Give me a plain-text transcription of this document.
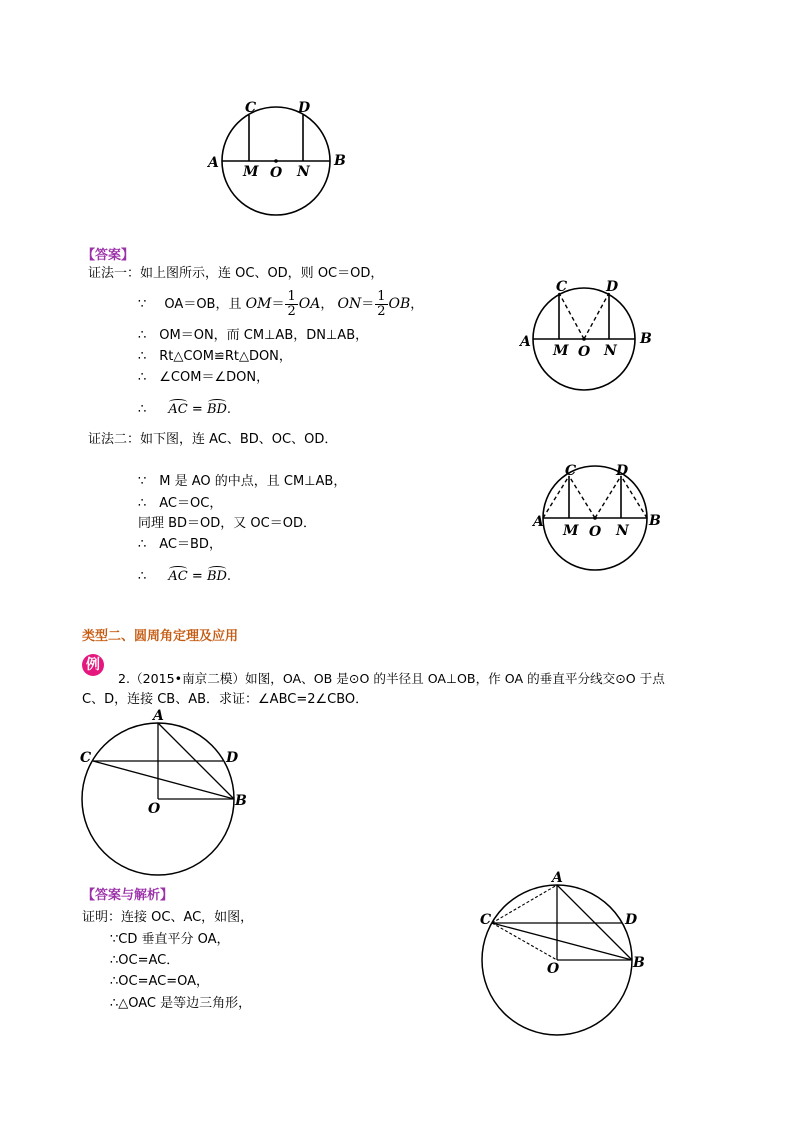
C	D
A	B
M O N
【答案】
证法一：如上图所示，连 OC、OD，则 OC＝OD，
∵ OA＝OB，且 $OM= \frac{1}{2}$ OA， $ON= \frac{1}{2}$ OB，
∴　OM＝ON，而 CM⊥AB，DN⊥AB，
∴　Rt△COM≌Rt△DON，
∴　∠COM＝∠DON，
∴ AC = BD.
C	D
A	B
M O N
证法二：如下图，连 AC、BD、OC、OD．
∵　M 是 AO 的中点，且 CM⊥AB，
∴　AC＝OC，
同理 BD＝OD，又 OC＝OD．
∴　AC＝BD，
∴ AC = BD.
C	D
A	B
M O N
类型二、圆周角定理及应用
例
2.（2015•南京二模）如图，OA、OB 是⊙O 的半径且 OA⊥OB，作 OA 的垂直平分线交⊙O 于点
C、D，连接 CB、AB．求证：∠ABC=2∠CBO．
A
C	D
O	B
【答案与解析】
证明：连接 OC、AC，如图，
∵CD 垂直平分 OA，
∴OC=AC．
∴OC=AC=OA，
∴△OAC 是等边三角形，
A
C	D
O	B
